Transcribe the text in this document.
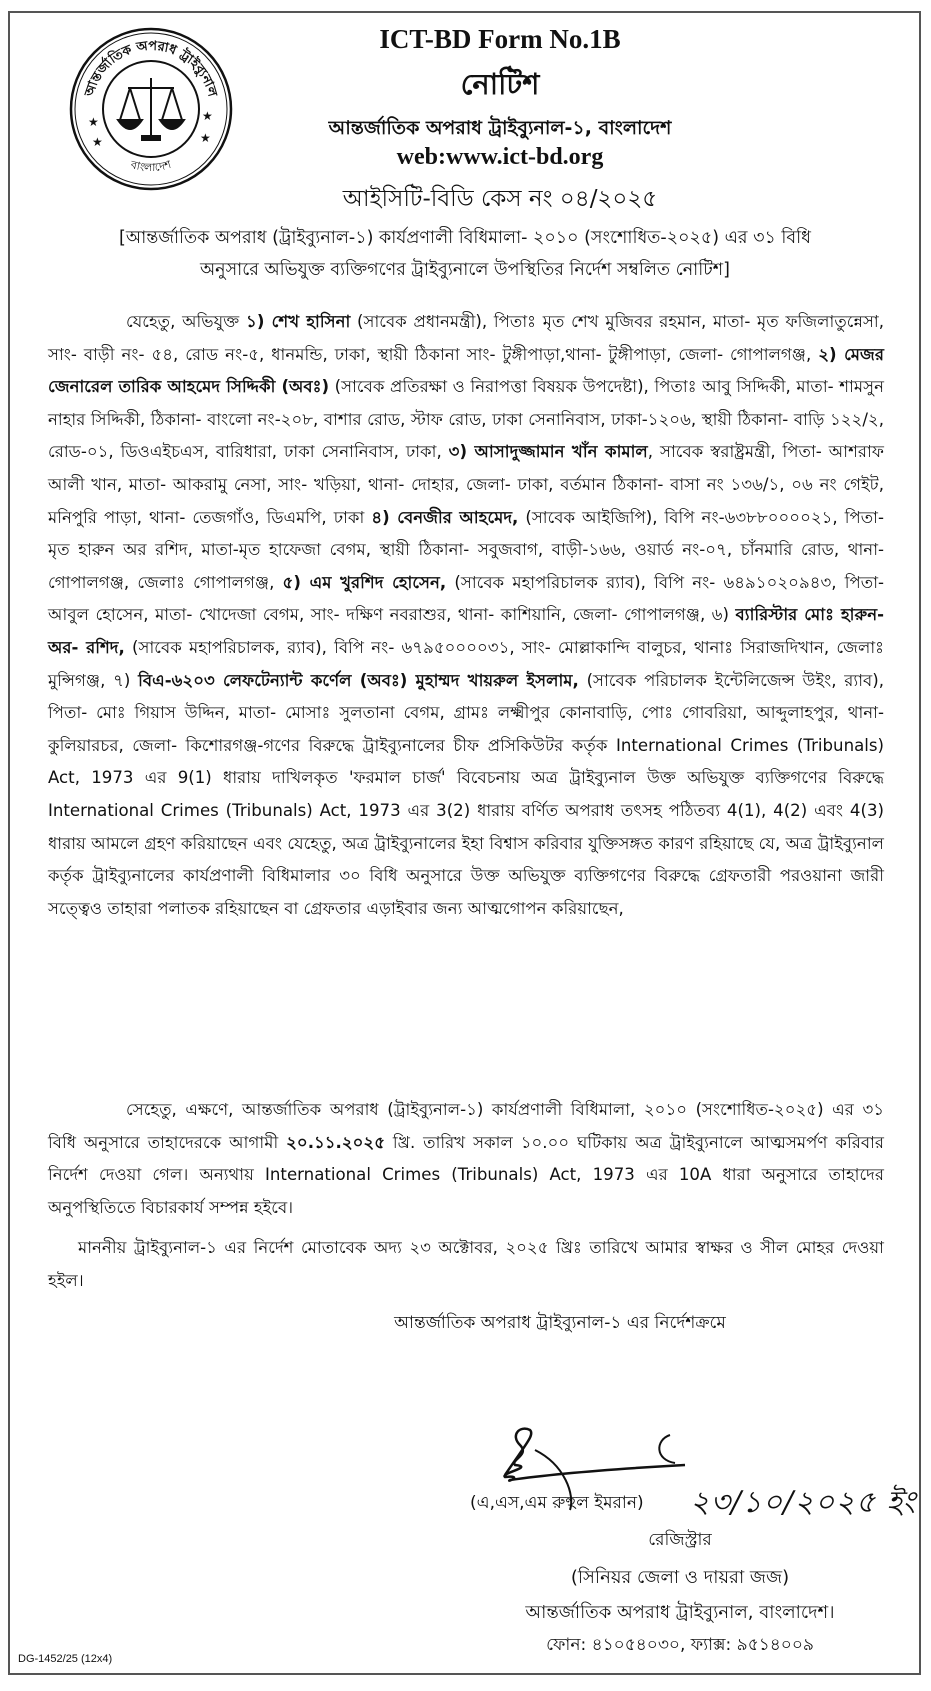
আন্তর্জাতিক অপরাধ ট্রাইব্যুনাল
বাংলাদেশ
★
★
★
★
ICT-BD Form No.1B
নোটিশ
আন্তর্জাতিক অপরাধ ট্রাইব্যুনাল-১, বাংলাদেশ
web:www.ict-bd.org
আইসিটি-বিডি কেস নং ০৪/২০২৫
[আন্তর্জাতিক অপরাধ (ট্রাইব্যুনাল-১) কার্যপ্রণালী বিধিমালা- ২০১০ (সংশোধিত-২০২৫) এর ৩১ বিধি
অনুসারে অভিযুক্ত ব্যক্তিগণের ট্রাইব্যুনালে উপস্থিতির নির্দেশ সম্বলিত নোটিশ]
যেহেতু, অভিযুক্ত ১) শেখ হাসিনা (সাবেক প্রধানমন্ত্রী), পিতাঃ মৃত শেখ মুজিবর রহমান, মাতা- মৃত ফজিলাতুন্নেসা, সাং- বাড়ী নং- ৫৪, রোড নং-৫, ধানমন্ডি, ঢাকা, স্থায়ী ঠিকানা সাং- টুঙ্গীপাড়া,থানা- টুঙ্গীপাড়া, জেলা- গোপালগঞ্জ, ২) মেজর জেনারেল তারিক আহমেদ সিদ্দিকী (অবঃ) (সাবেক প্রতিরক্ষা ও নিরাপত্তা বিষয়ক উপদেষ্টা), পিতাঃ আবু সিদ্দিকী, মাতা- শামসুন নাহার সিদ্দিকী, ঠিকানা- বাংলো নং-২০৮, বাশার রোড, স্টাফ রোড, ঢাকা সেনানিবাস, ঢাকা-১২০৬, স্থায়ী ঠিকানা- বাড়ি ১২২/২, রোড-০১, ডিওএইচএস, বারিধারা, ঢাকা সেনানিবাস, ঢাকা, ৩) আসাদুজ্জামান খাঁন কামাল, সাবেক স্বরাষ্ট্রমন্ত্রী, পিতা- আশরাফ আলী খান, মাতা- আকরামু নেসা, সাং- খড়িয়া, থানা- দোহার, জেলা- ঢাকা, বর্তমান ঠিকানা- বাসা নং ১৩৬/১, ০৬ নং গেইট, মনিপুরি পাড়া, থানা- তেজগাঁও, ডিএমপি, ঢাকা ৪) বেনজীর আহমেদ, (সাবেক আইজিপি), বিপি নং-৬৩৮৮০০০০২১, পিতা- মৃত হারুন অর রশিদ, মাতা-মৃত হাফেজা বেগম, স্থায়ী ঠিকানা- সবুজবাগ, বাড়ী-১৬৬, ওয়ার্ড নং-০৭, চাঁনমারি রোড, থানা- গোপালগঞ্জ, জেলাঃ গোপালগঞ্জ, ৫) এম খুরশিদ হোসেন, (সাবেক মহাপরিচালক র‍্যাব), বিপি নং- ৬৪৯১০২০৯৪৩, পিতা- আবুল হোসেন, মাতা- খোদেজা বেগম, সাং- দক্ষিণ নবরাশুর, থানা- কাশিয়ানি, জেলা- গোপালগঞ্জ, ৬) ব্যারিস্টার মোঃ হারুন-অর- রশিদ, (সাবেক মহাপরিচালক, র‍্যাব), বিপি নং- ৬৭৯৫০০০০৩১, সাং- মোল্লাকান্দি বালুচর, থানাঃ সিরাজদিখান, জেলাঃ মুন্সিগঞ্জ, ৭) বিএ-৬২০৩ লেফটেন্যান্ট কর্ণেল (অবঃ) মুহাম্মদ খায়রুল ইসলাম, (সাবেক পরিচালক ইন্টেলিজেন্স উইং, র‍্যাব), পিতা- মোঃ গিয়াস উদ্দিন, মাতা- মোসাঃ সুলতানা বেগম, গ্রামঃ লক্ষ্মীপুর কোনাবাড়ি, পোঃ গোবরিয়া, আব্দুলাহপুর, থানা- কুলিয়ারচর, জেলা- কিশোরগঞ্জ-গণের বিরুদ্ধে ট্রাইব্যুনালের চীফ প্রসিকিউটর কর্তৃক International Crimes (Tribunals) Act, 1973 এর 9(1) ধারায় দাখিলকৃত 'ফরমাল চার্জ' বিবেচনায় অত্র ট্রাইব্যুনাল উক্ত অভিযুক্ত ব্যক্তিগণের বিরুদ্ধে International Crimes (Tribunals) Act, 1973 এর 3(2) ধারায় বর্ণিত অপরাধ তৎসহ পঠিতব্য 4(1), 4(2) এবং 4(3) ধারায় আমলে গ্রহণ করিয়াছেন এবং যেহেতু, অত্র ট্রাইব্যুনালের ইহা বিশ্বাস করিবার যুক্তিসঙ্গত কারণ রহিয়াছে যে, অত্র ট্রাইব্যুনাল কর্তৃক ট্রাইব্যুনালের কার্যপ্রণালী বিধিমালার ৩০ বিধি অনুসারে উক্ত অভিযুক্ত ব্যক্তিগণের বিরুদ্ধে গ্রেফতারী পরওয়ানা জারী সত্ত্বেও তাহারা পলাতক রহিয়াছেন বা গ্রেফতার এড়াইবার জন্য আত্মগোপন করিয়াছেন,
সেহেতু, এক্ষণে, আন্তর্জাতিক অপরাধ (ট্রাইব্যুনাল-১) কার্যপ্রণালী বিধিমালা, ২০১০ (সংশোধিত-২০২৫) এর ৩১ বিধি অনুসারে তাহাদেরকে আগামী ২০.১১.২০২৫ খ্রি. তারিখ সকাল ১০.০০ ঘটিকায় অত্র ট্রাইব্যুনালে আত্মসমর্পণ করিবার নির্দেশ দেওয়া গেল। অন্যথায় International Crimes (Tribunals) Act, 1973 এর 10A ধারা অনুসারে তাহাদের অনুপস্থিতিতে বিচারকার্য সম্পন্ন হইবে।
মাননীয় ট্রাইব্যুনাল-১ এর নির্দেশ মোতাবেক অদ্য ২৩ অক্টোবর, ২০২৫ খ্রিঃ তারিখে আমার স্বাক্ষর ও সীল মোহর দেওয়া হইল।
আন্তর্জাতিক অপরাধ ট্রাইব্যুনাল-১ এর নির্দেশক্রমে
(এ,এস,এম রুহুল ইমরান) ২৩/১০/২০২৫ ইং
রেজিস্ট্রার
(সিনিয়র জেলা ও দায়রা জজ)
আন্তর্জাতিক অপরাধ ট্রাইব্যুনাল, বাংলাদেশ।
ফোন: ৪১০৫৪০৩০, ফ্যাক্স: ৯৫১৪০০৯
DG-1452/25 (12x4)
